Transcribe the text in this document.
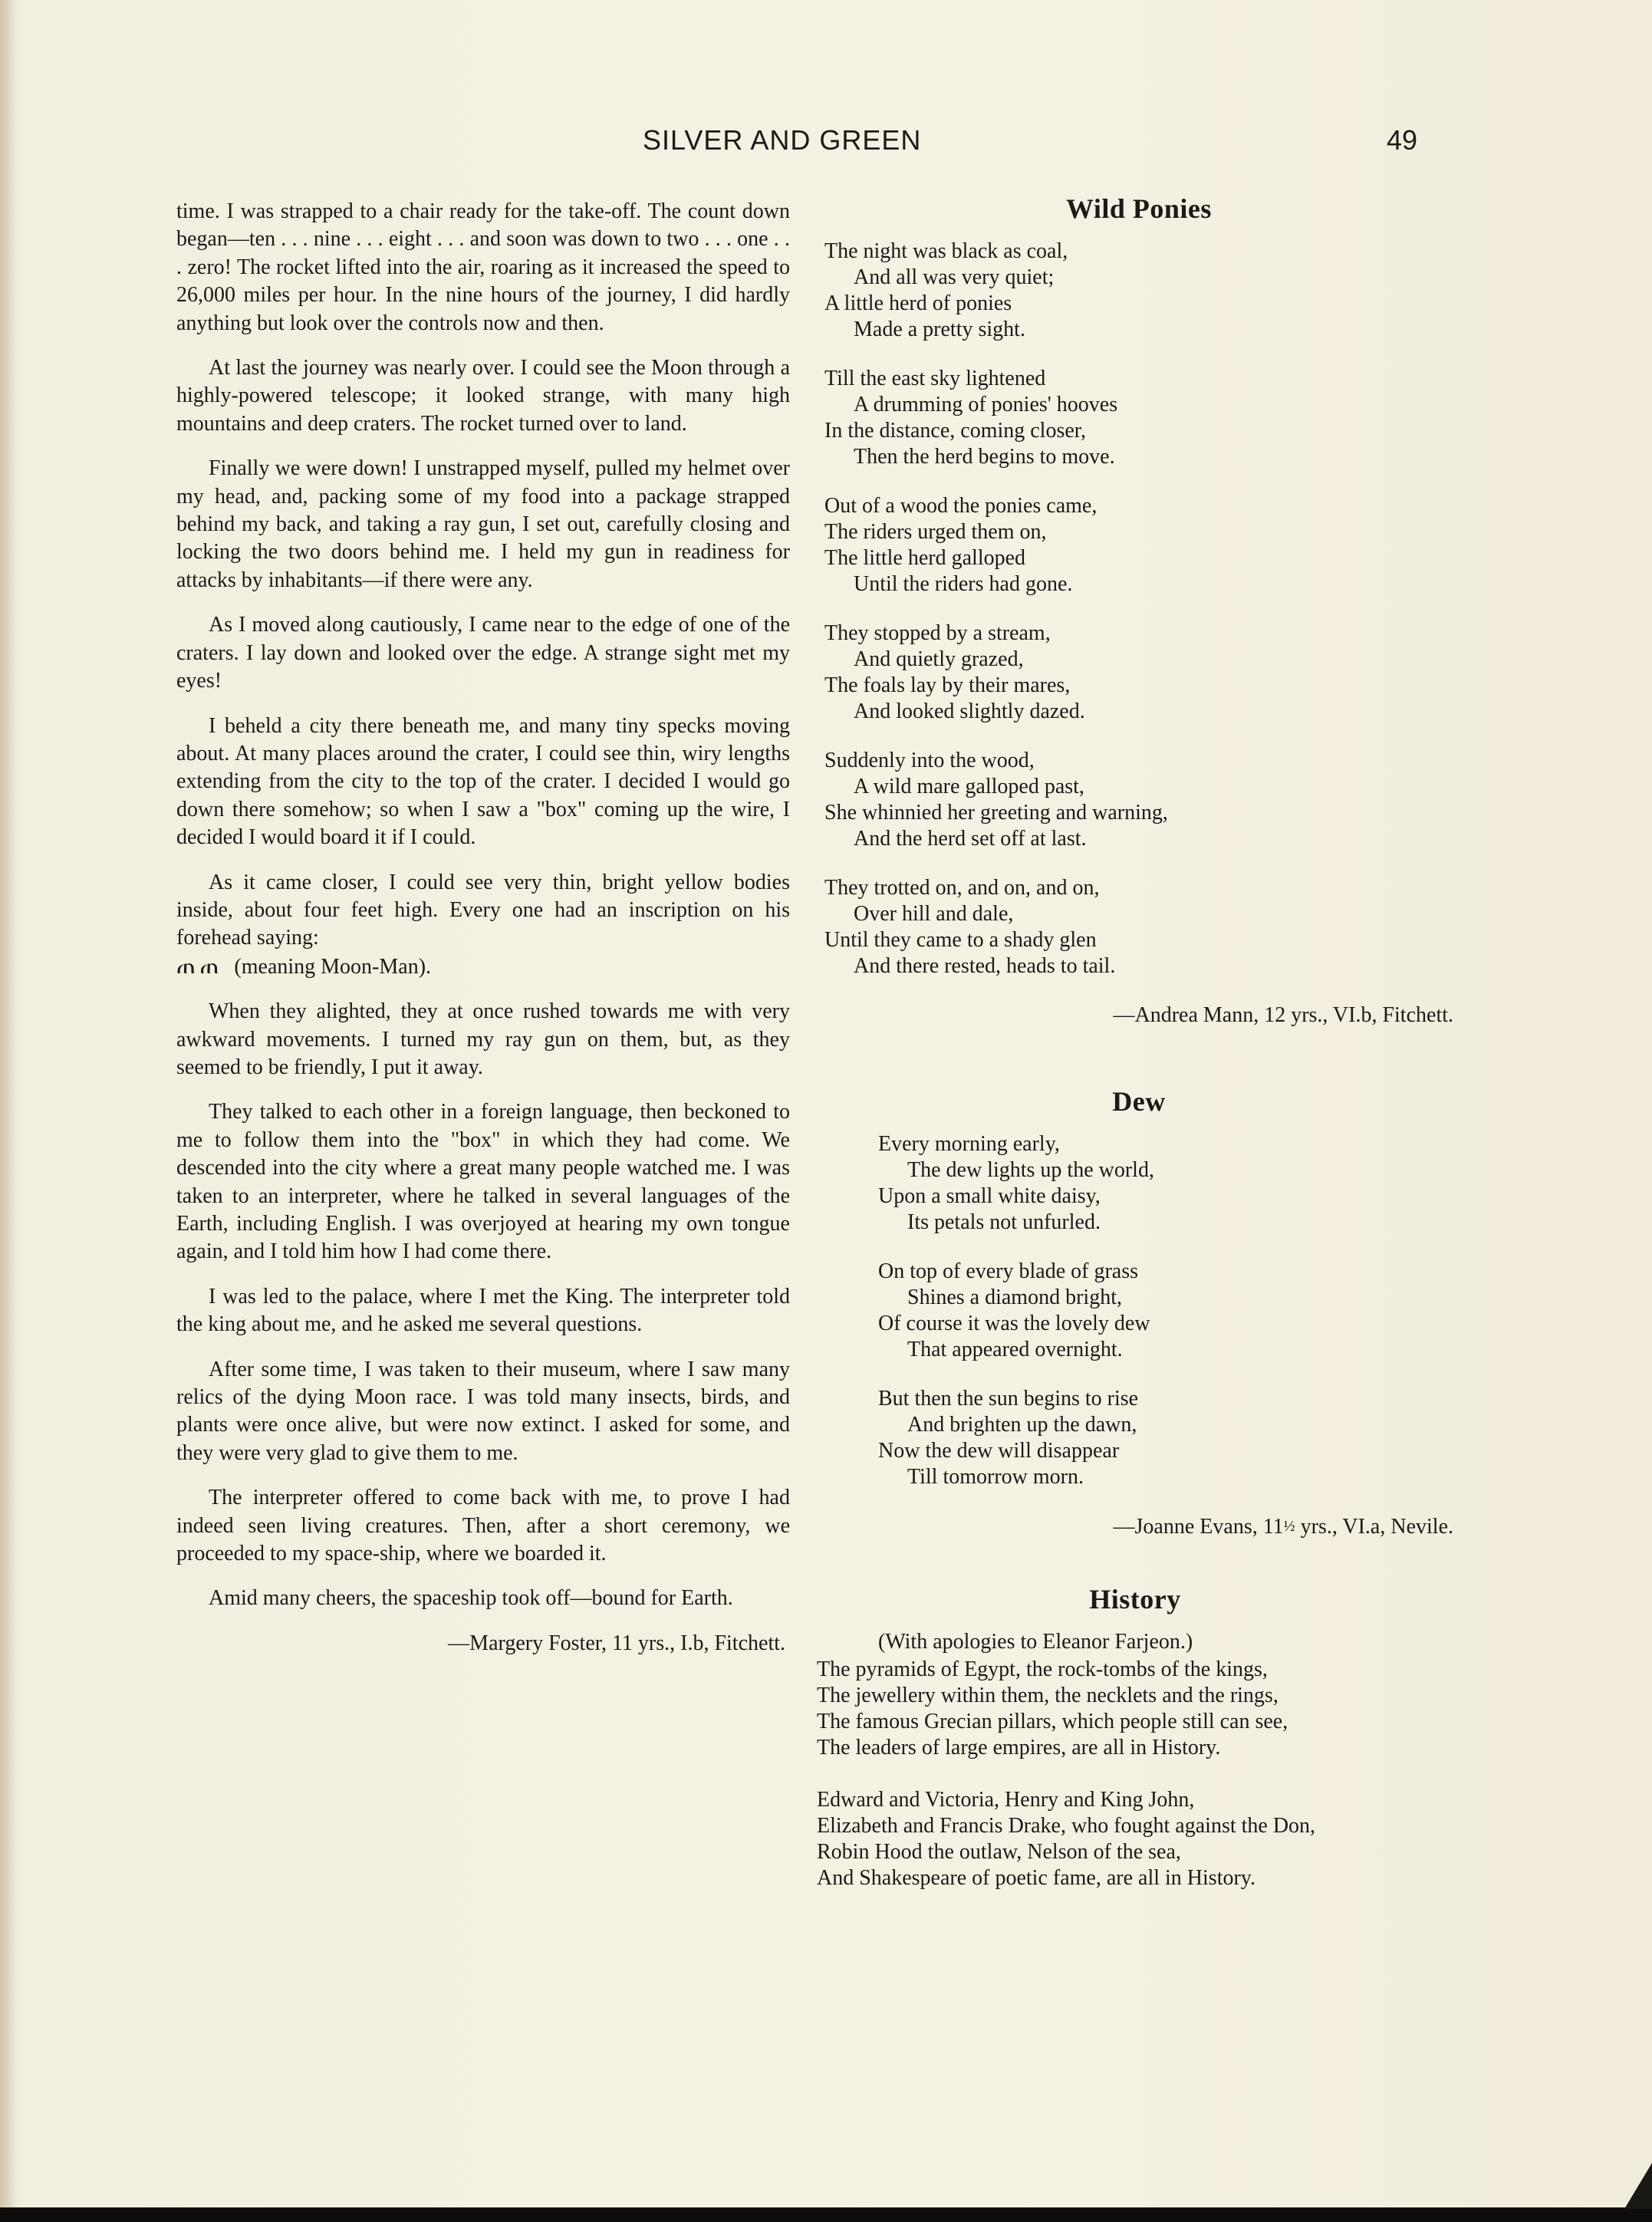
SILVER AND GREEN	49

time. I was strapped to a chair ready for the take-off. The count down began—ten . . . nine . . . eight . . . and soon was down to two . . . one . . . zero! The rocket lifted into the air, roaring as it increased the speed to 26,000 miles per hour. In the nine hours of the journey, I did hardly anything but look over the controls now and then.

At last the journey was nearly over. I could see the Moon through a highly-powered telescope; it looked strange, with many high mountains and deep craters. The rocket turned over to land.

Finally we were down! I unstrapped myself, pulled my helmet over my head, and, packing some of my food into a package strapped behind my back, and taking a ray gun, I set out, carefully closing and locking the two doors behind me. I held my gun in readiness for attacks by inhabitants—if there were any.

As I moved along cautiously, I came near to the edge of one of the craters. I lay down and looked over the edge. A strange sight met my eyes!

I beheld a city there beneath me, and many tiny specks moving about. At many places around the crater, I could see thin, wiry lengths extending from the city to the top of the crater. I decided I would go down there somehow; so when I saw a "box" coming up the wire, I decided I would board it if I could.

As it came closer, I could see very thin, bright yellow bodies inside, about four feet high. Every one had an inscription on his forehead saying:

ጠ ጠ (meaning Moon-Man).

When they alighted, they at once rushed towards me with very awkward movements. I turned my ray gun on them, but, as they seemed to be friendly, I put it away.

They talked to each other in a foreign language, then beckoned to me to follow them into the "box" in which they had come. We descended into the city where a great many people watched me. I was taken to an interpreter, where he talked in several languages of the Earth, including English. I was overjoyed at hearing my own tongue again, and I told him how I had come there.

I was led to the palace, where I met the King. The interpreter told the king about me, and he asked me several questions.

After some time, I was taken to their museum, where I saw many relics of the dying Moon race. I was told many insects, birds, and plants were once alive, but were now extinct. I asked for some, and they were very glad to give them to me.

The interpreter offered to come back with me, to prove I had indeed seen living creatures. Then, after a short ceremony, we proceeded to my space-ship, where we boarded it.

Amid many cheers, the spaceship took off—bound for Earth.

—Margery Foster, 11 yrs., I.b, Fitchett.
Wild Ponies
The night was black as coal,
And all was very quiet;
A little herd of ponies
Made a pretty sight.
Till the east sky lightened
A drumming of ponies' hooves
In the distance, coming closer,
Then the herd begins to move.
Out of a wood the ponies came,
The riders urged them on,
The little herd galloped
Until the riders had gone.
They stopped by a stream,
And quietly grazed,
The foals lay by their mares,
And looked slightly dazed.
Suddenly into the wood,
A wild mare galloped past,
She whinnied her greeting and warning,
And the herd set off at last.
They trotted on, and on, and on,
Over hill and dale,
Until they came to a shady glen
And there rested, heads to tail.
—Andrea Mann, 12 yrs., VI.b, Fitchett.
Dew
Every morning early,
The dew lights up the world,
Upon a small white daisy,
Its petals not unfurled.
On top of every blade of grass
Shines a diamond bright,
Of course it was the lovely dew
That appeared overnight.
But then the sun begins to rise
And brighten up the dawn,
Now the dew will disappear
Till tomorrow morn.
—Joanne Evans, 11½ yrs., VI.a, Nevile.
History
(With apologies to Eleanor Farjeon.)
The pyramids of Egypt, the rock-tombs of the kings,
The jewellery within them, the necklets and the rings,
The famous Grecian pillars, which people still can see,
The leaders of large empires, are all in History.
Edward and Victoria, Henry and King John,
Elizabeth and Francis Drake, who fought against the Don,
Robin Hood the outlaw, Nelson of the sea,
And Shakespeare of poetic fame, are all in History.
